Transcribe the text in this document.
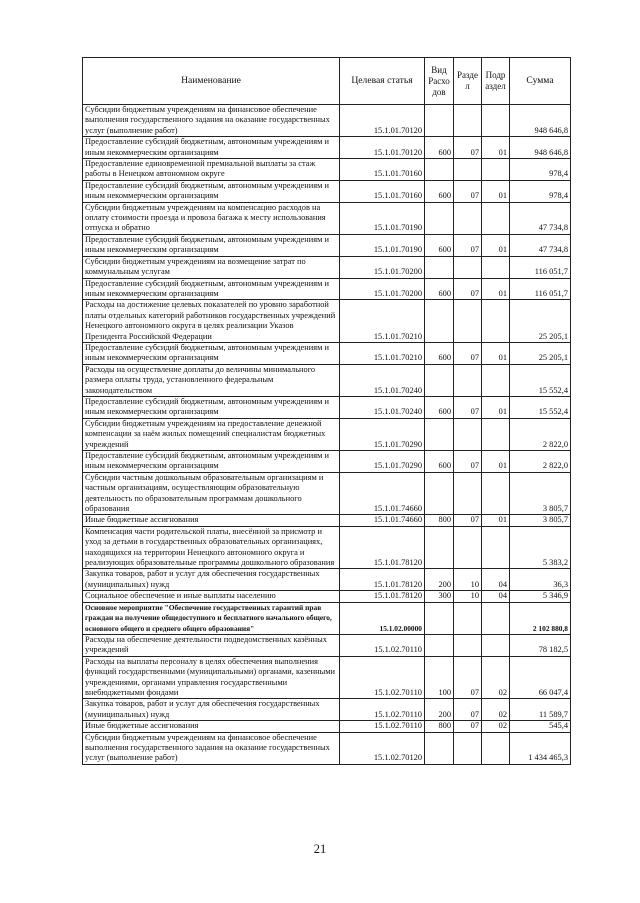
Наименование	Целевая статья	Вид Расхо дов	Разде л	Подр аздел	Сумма
Субсидии бюджетным учреждениям на финансовое обеспечение выполнения государственного задания на оказание государственных услуг (выполнение работ)	15.1.01.70120				948 646,8
Предоставление субсидий бюджетным, автономным учреждениям и иным некоммерческим организациям	15.1.01.70120	600	07	01	948 646,8
Предоставление единовременной премиальной выплаты за стаж работы в Ненецком автономном округе	15.1.01.70160				978,4
Предоставление субсидий бюджетным, автономным учреждениям и иным некоммерческим организациям	15.1.01.70160	600	07	01	978,4
Субсидии бюджетным учреждениям на компенсацию расходов на оплату стоимости проезда и провоза багажа к месту использования отпуска и обратно	15.1.01.70190				47 734,8
Предоставление субсидий бюджетным, автономным учреждениям и иным некоммерческим организациям	15.1.01.70190	600	07	01	47 734,8
Субсидии бюджетным учреждениям на возмещение затрат по коммунальным услугам	15.1.01.70200				116 051,7
Предоставление субсидий бюджетным, автономным учреждениям и иным некоммерческим организациям	15.1.01.70200	600	07	01	116 051,7
Расходы на достижение целевых показателей по уровню заработной платы отдельных категорий работников государственных учреждений Ненецкого автономного округа в целях реализации Указов Президента Российской Федерации	15.1.01.70210				25 205,1
Предоставление субсидий бюджетным, автономным учреждениям и иным некоммерческим организациям	15.1.01.70210	600	07	01	25 205,1
Расходы на осуществление доплаты до величины минимального размера оплаты труда, установленного федеральным законодательством	15.1.01.70240				15 552,4
Предоставление субсидий бюджетным, автономным учреждениям и иным некоммерческим организациям	15.1.01.70240	600	07	01	15 552,4
Субсидии бюджетным учреждениям на предоставление денежной компенсации за наём жилых помещений специалистам бюджетных учреждений	15.1.01.70290				2 822,0
Предоставление субсидий бюджетным, автономным учреждениям и иным некоммерческим организациям	15.1.01.70290	600	07	01	2 822,0
Субсидии частным дошкольным образовательным организациям и частным организациям, осуществляющим образовательную деятельность по образовательным программам дошкольного образования	15.1.01.74660				3 805,7
Иные бюджетные ассигнования	15.1.01.74660	800	07	01	3 805,7
Компенсация части родительской платы, внесённой за присмотр и уход за детьми в государственных образовательных организациях, находящихся на территории Ненецкого автономного округа и реализующих образовательные программы дошкольного образования	15.1.01.78120				5 383,2
Закупка товаров, работ и услуг для обеспечения государственных (муниципальных) нужд	15.1.01.78120	200	10	04	36,3
Социальное обеспечение и иные выплаты населению	15.1.01.78120	300	10	04	5 346,9
Основное мероприятие "Обеспечение государственных гарантий прав граждан на получение общедоступного и бесплатного начального общего, основного общего и среднего общего образования"	15.1.02.00000				2 102 880,8
Расходы на обеспечение деятельности подведомственных казённых учреждений	15.1.02.70110				78 182,5
Расходы на выплаты персоналу в целях обеспечения выполнения функций государственными (муниципальными) органами, казенными учреждениями, органами управления государственными внебюджетными фондами	15.1.02.70110	100	07	02	66 047,4
Закупка товаров, работ и услуг для обеспечения государственных (муниципальных) нужд	15.1.02.70110	200	07	02	11 589,7
Иные бюджетные ассигнования	15.1.02.70110	800	07	02	545,4
Субсидии бюджетным учреждениям на финансовое обеспечение выполнения государственного задания на оказание государственных услуг (выполнение работ)	15.1.02.70120				1 434 465,3
21
